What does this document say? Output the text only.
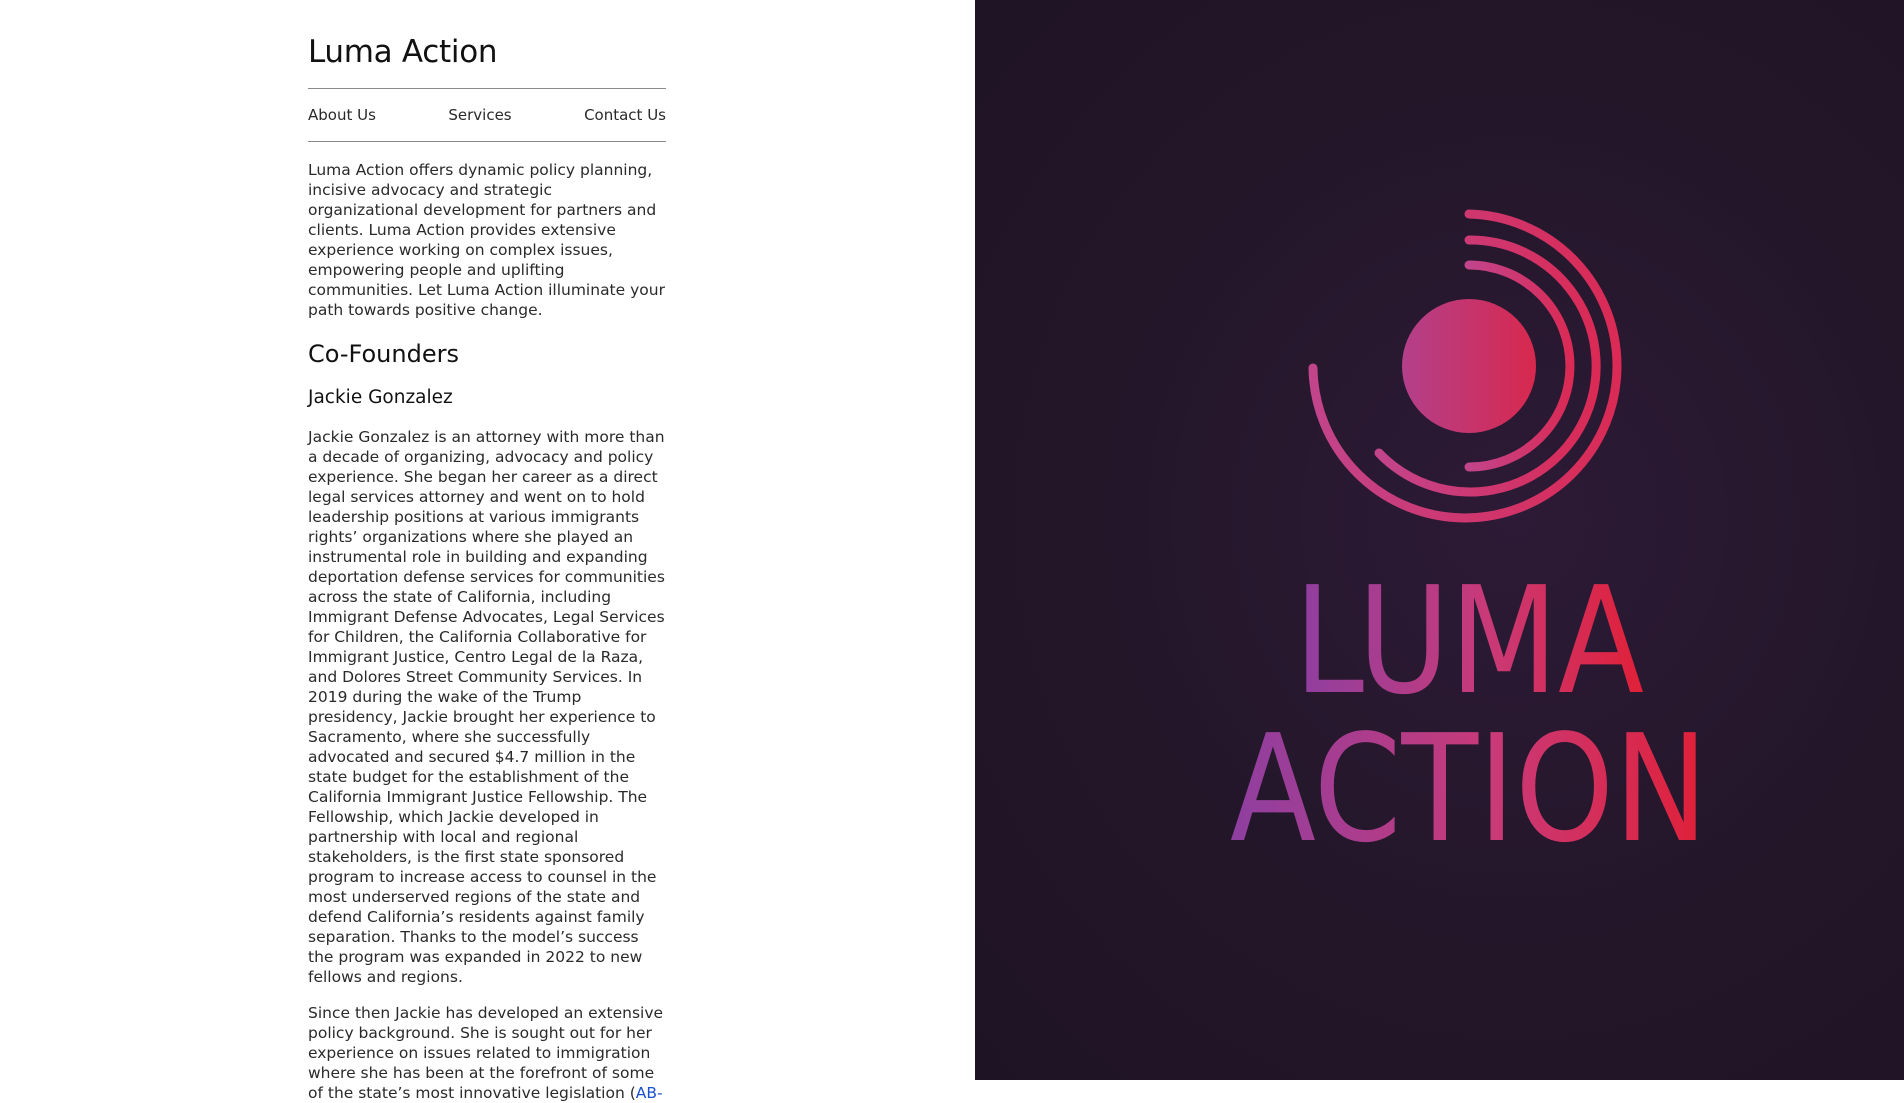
Luma Action
About Us	Services	Contact Us

Luma Action offers dynamic policy planning, incisive advocacy and strategic organizational development for partners and clients. Luma Action provides extensive experience working on complex issues, empowering people and uplifting communities. Let Luma Action illuminate your path towards positive change.

Co-Founders
Jackie Gonzalez

Jackie Gonzalez is an attorney with more than a decade of organizing, advocacy and policy experience. She began her career as a direct legal services attorney and went on to hold leadership positions at various immigrants rights’ organizations where she played an instrumental role in building and expanding deportation defense services for communities across the state of California, including Immigrant Defense Advocates, Legal Services for Children, the California Collaborative for Immigrant Justice, Centro Legal de la Raza, and Dolores Street Community Services. In 2019 during the wake of the Trump presidency, Jackie brought her experience to Sacramento, where she successfully advocated and secured $4.7 million in the state budget for the establishment of the California Immigrant Justice Fellowship. The Fellowship, which Jackie developed in partnership with local and regional stakeholders, is the first state sponsored program to increase access to counsel in the most underserved regions of the state and defend California’s residents against family separation. Thanks to the model’s success the program was expanded in 2022 to new fellows and regions.

Since then Jackie has developed an extensive policy background. She is sought out for her experience on issues related to immigration where she has been at the forefront of some of the state’s most innovative legislation (AB-

LUMA
ACTION
